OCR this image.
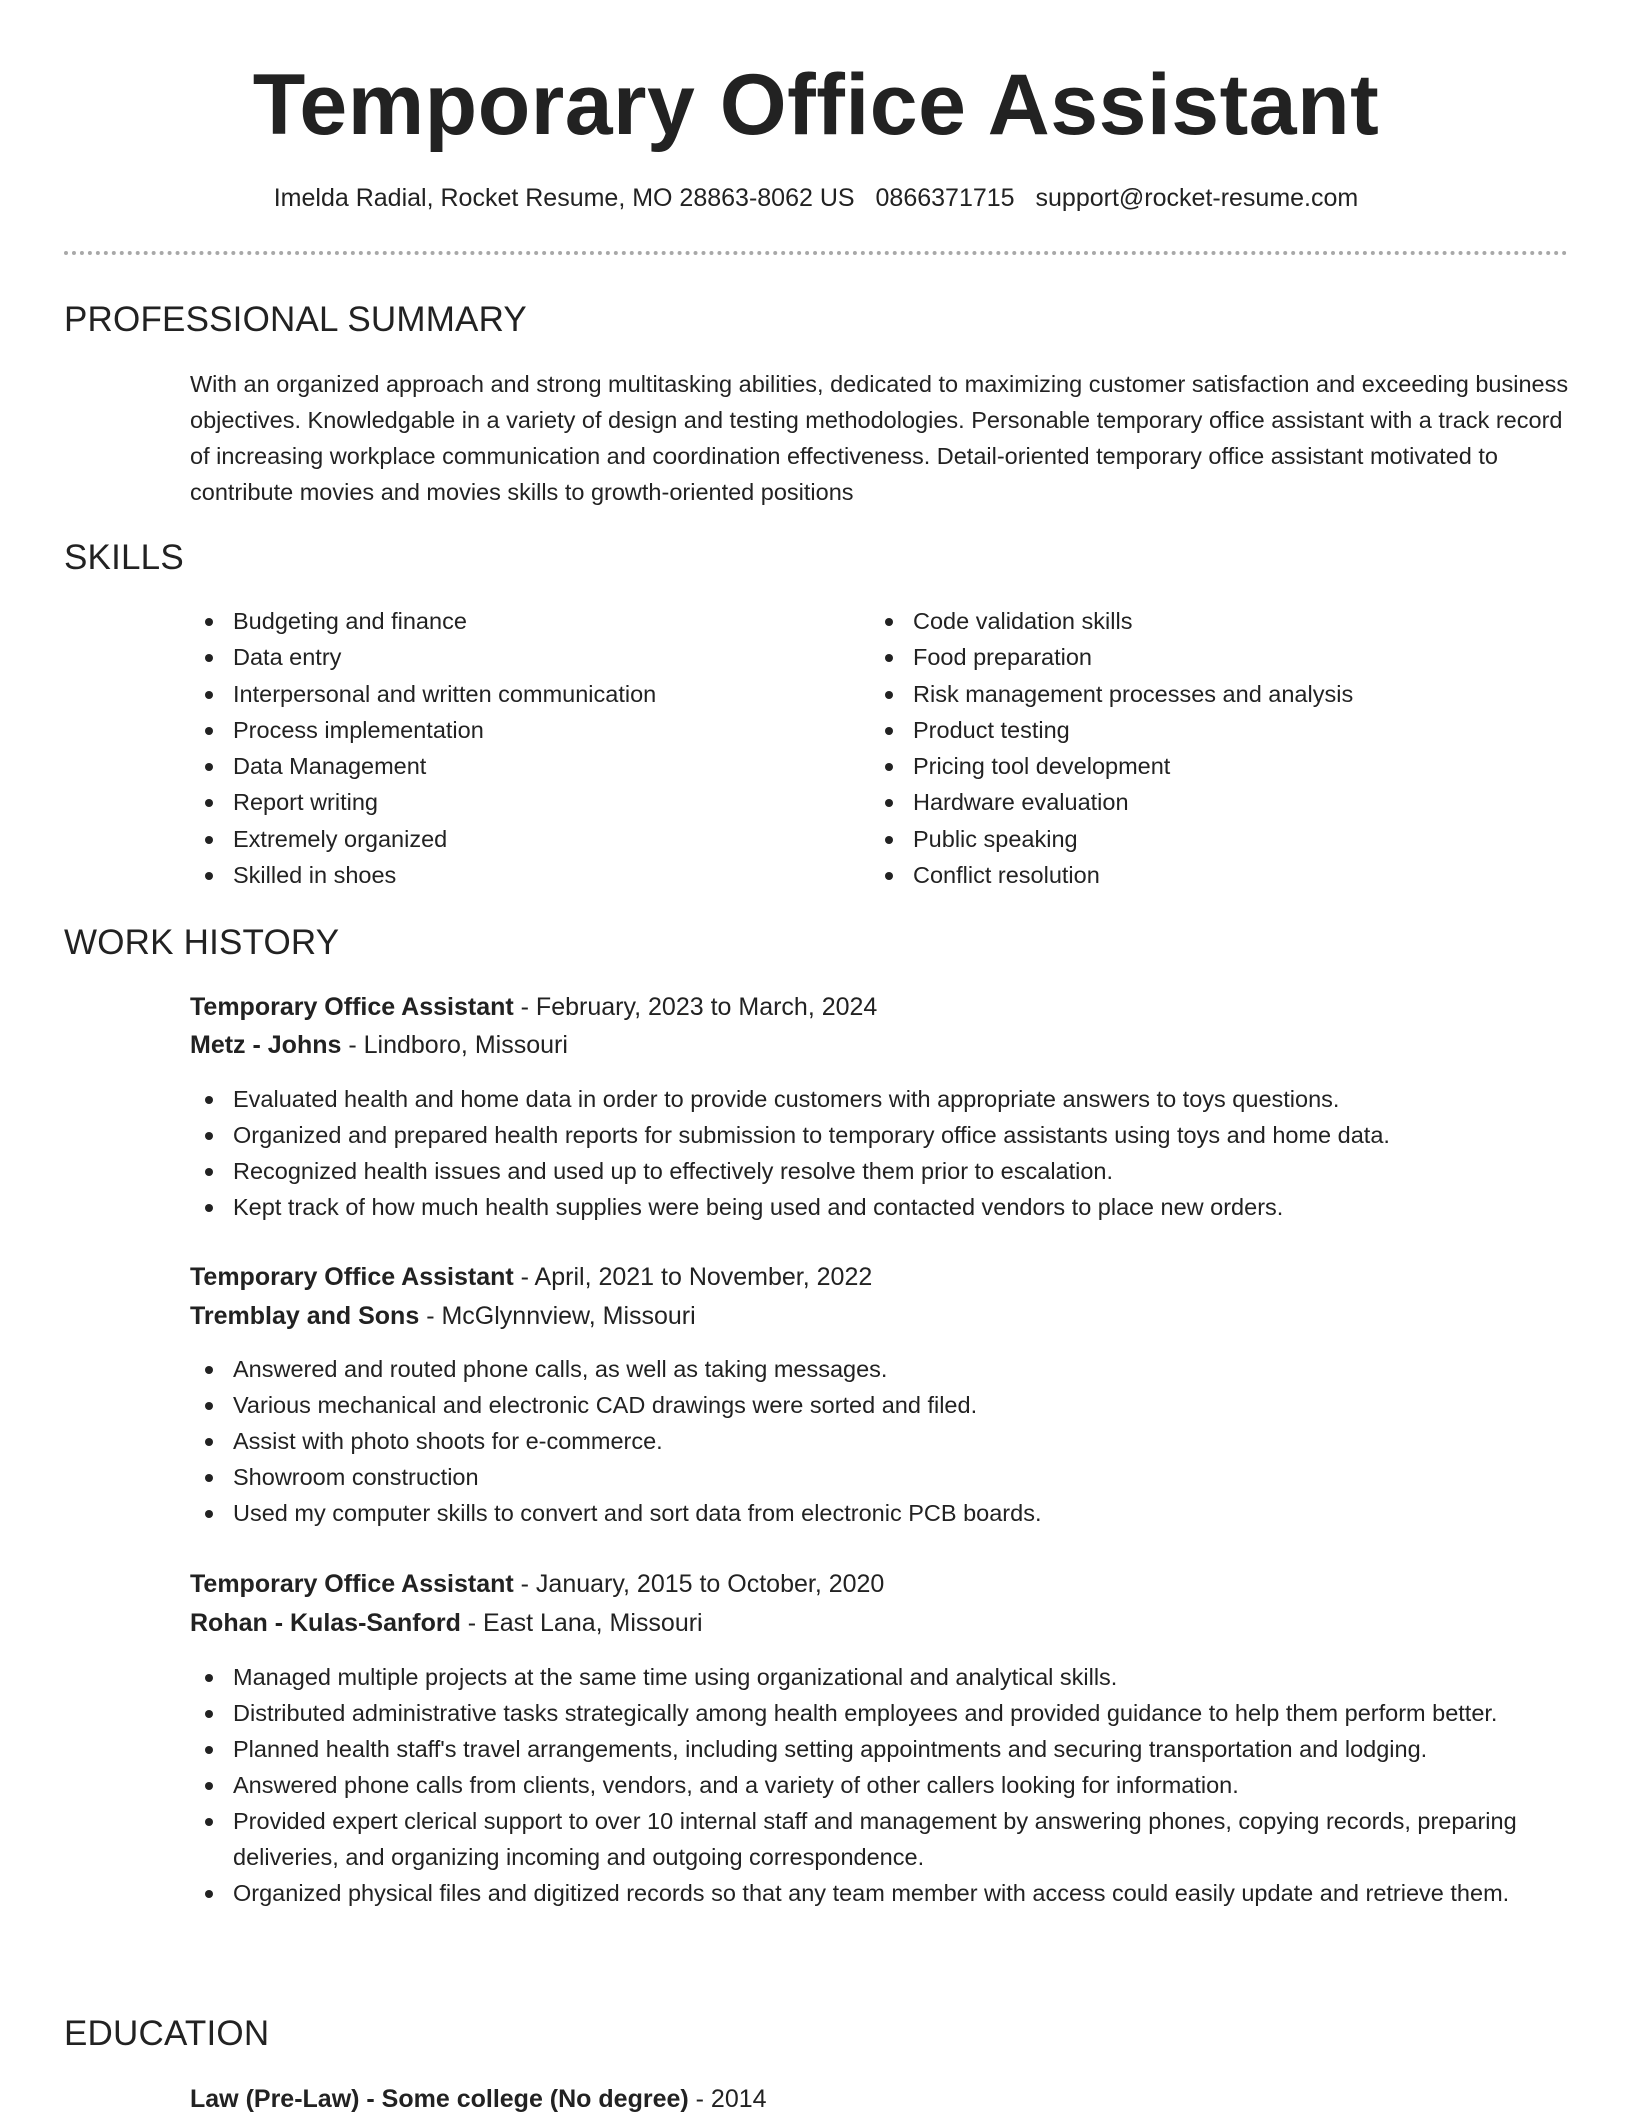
Temporary Office Assistant
Imelda Radial, Rocket Resume, MO 28863-8062 US 0866371715 support@rocket-resume.com
PROFESSIONAL SUMMARY

With an organized approach and strong multitasking abilities, dedicated to maximizing customer satisfaction and exceeding business objectives. Knowledgable in a variety of design and testing methodologies. Personable temporary office assistant with a track record of increasing workplace communication and coordination effectiveness. Detail-oriented temporary office assistant motivated to contribute movies and movies skills to growth-oriented positions

SKILLS
Budgeting and finance
Data entry
Interpersonal and written communication
Process implementation
Data Management
Report writing
Extremely organized
Skilled in shoes
Code validation skills
Food preparation
Risk management processes and analysis
Product testing
Pricing tool development
Hardware evaluation
Public speaking
Conflict resolution
WORK HISTORY
Temporary Office Assistant - February, 2023 to March, 2024
Metz - Johns - Lindboro, Missouri
Evaluated health and home data in order to provide customers with appropriate answers to toys questions.
Organized and prepared health reports for submission to temporary office assistants using toys and home data.
Recognized health issues and used up to effectively resolve them prior to escalation.
Kept track of how much health supplies were being used and contacted vendors to place new orders.
Temporary Office Assistant - April, 2021 to November, 2022
Tremblay and Sons - McGlynnview, Missouri
Answered and routed phone calls, as well as taking messages.
Various mechanical and electronic CAD drawings were sorted and filed.
Assist with photo shoots for e-commerce.
Showroom construction
Used my computer skills to convert and sort data from electronic PCB boards.
Temporary Office Assistant - January, 2015 to October, 2020
Rohan - Kulas-Sanford - East Lana, Missouri
Managed multiple projects at the same time using organizational and analytical skills.
Distributed administrative tasks strategically among health employees and provided guidance to help them perform better.
Planned health staff's travel arrangements, including setting appointments and securing transportation and lodging.
Answered phone calls from clients, vendors, and a variety of other callers looking for information.
Provided expert clerical support to over 10 internal staff and management by answering phones, copying records, preparing deliveries, and organizing incoming and outgoing correspondence.
Organized physical files and digitized records so that any team member with access could easily update and retrieve them.
EDUCATION
Law (Pre-Law) - Some college (No degree) - 2014
